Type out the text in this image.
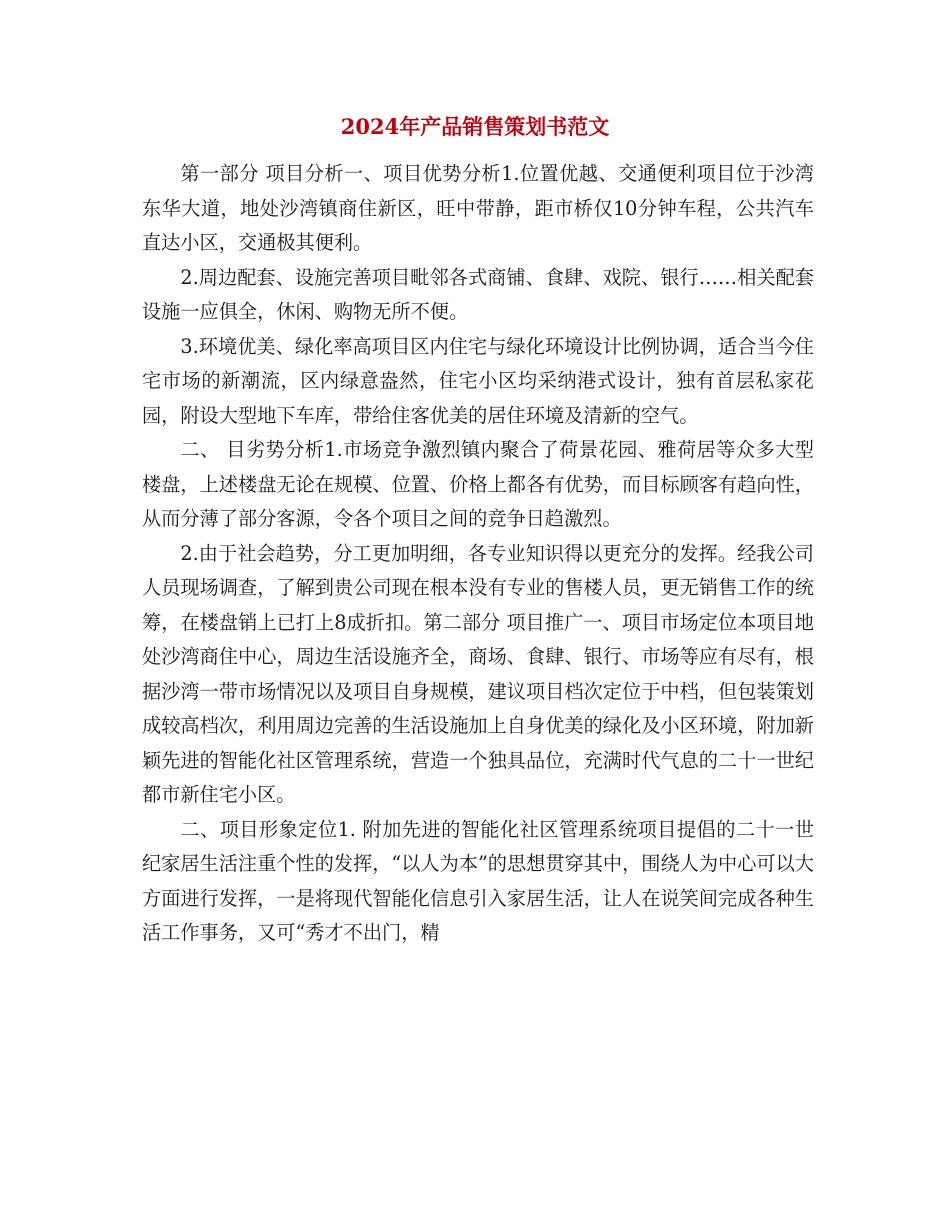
2024年产品销售策划书范文

第一部分 项目分析一、项目优势分析1.位置优越、交通便利项目位于沙湾东华大道，地处沙湾镇商住新区，旺中带静，距市桥仅10分钟车程，公共汽车直达小区，交通极其便利。

2.周边配套、设施完善项目毗邻各式商铺、食肆、戏院、银行……相关配套设施一应俱全，休闲、购物无所不便。

3.环境优美、绿化率高项目区内住宅与绿化环境设计比例协调，适合当今住宅市场的新潮流，区内绿意盎然，住宅小区均采纳港式设计，独有首层私家花园，附设大型地下车库，带给住客优美的居住环境及清新的空气。

二、 目劣势分析1.市场竞争激烈镇内聚合了荷景花园、雅荷居等众多大型楼盘，上述楼盘无论在规模、位置、价格上都各有优势，而目标顾客有趋向性，从而分薄了部分客源，令各个项目之间的竞争日趋激烈。

2.由于社会趋势，分工更加明细，各专业知识得以更充分的发挥。经我公司人员现场调查，了解到贵公司现在根本没有专业的售楼人员，更无销售工作的统筹，在楼盘销上已打上8成折扣。第二部分 项目推广一、项目市场定位本项目地处沙湾商住中心，周边生活设施齐全，商场、食肆、银行、市场等应有尽有，根据沙湾一带市场情况以及项目自身规模，建议项目档次定位于中档，但包装策划成较高档次，利用周边完善的生活设施加上自身优美的绿化及小区环境，附加新颖先进的智能化社区管理系统，营造一个独具品位，充满时代气息的二十一世纪都市新住宅小区。

二、项目形象定位1. 附加先进的智能化社区管理系统项目提倡的二十一世纪家居生活注重个性的发挥，“以人为本”的思想贯穿其中，围绕人为中心可以大方面进行发挥，一是将现代智能化信息引入家居生活，让人在说笑间完成各种生活工作事务，又可“秀才不出门，精
